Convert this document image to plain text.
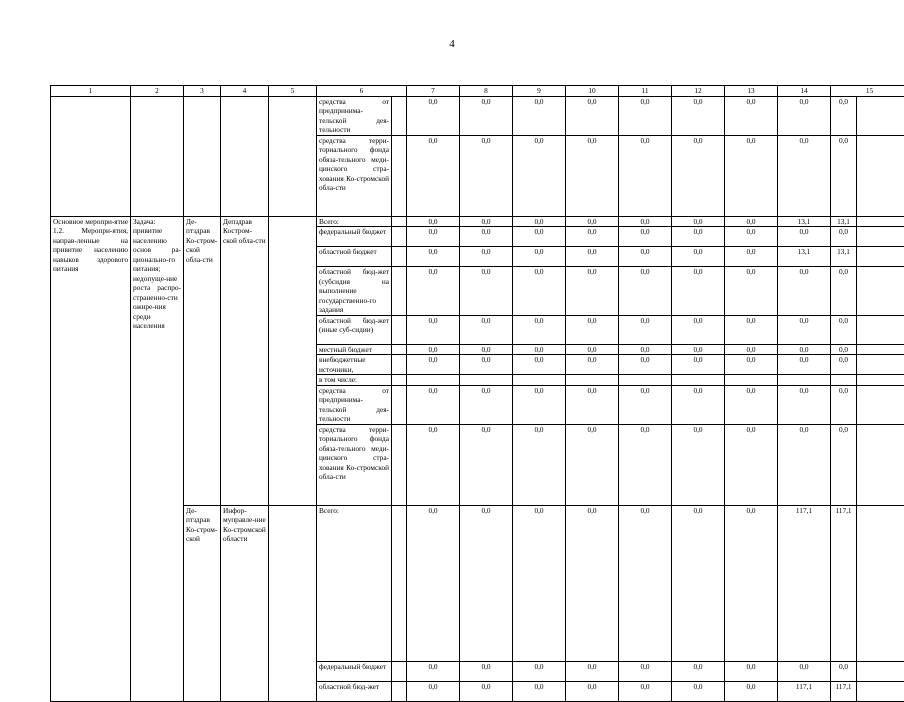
4
1	2	3	4	5	6		7	8	9	10	11	12	13	14	15	
					средства от предпринима-тельской дея-тельности		0,0	0,0	0,0	0,0	0,0	0,0	0,0	0,0	0,0		
					средства терри-ториального фонда обяза-тельного меди-цинского стра-хования Ко-стромской обла-сти		0,0	0,0	0,0	0,0	0,0	0,0	0,0	0,0	0,0		
Основное меропри-ятие 1.2. Меропри-ятия, направ-ленные на привитие населению навыков здорового питания	Задача: привитие населению основ ра-ционально-го питания; недопуще-ние роста распро-страненно-сти ожире-ния среди населения	Де-птздрав Ко-стром-ской обла-сти	Депздрав Костром-ской обла-сти		Всего:		0,0	0,0	0,0	0,0	0,0	0,0	0,0	13,1	13,1		
					федеральный бюджет		0,0	0,0	0,0	0,0	0,0	0,0	0,0	0,0	0,0		
					областной бюджет		0,0	0,0	0,0	0,0	0,0	0,0	0,0	13,1	13,1		
					областной бюд-жет (субсидия на выполнение государственно-го задания		0,0	0,0	0,0	0,0	0,0	0,0	0,0	0,0	0,0		
					областной бюд-жет (иные суб-сидии)		0,0	0,0	0,0	0,0	0,0	0,0	0,0	0,0	0,0		
					местный бюджет		0,0	0,0	0,0	0,0	0,0	0,0	0,0	0,0	0,0		
					внебюджетные источники,		0,0	0,0	0,0	0,0	0,0	0,0	0,0	0,0	0,0		
					в том числе:												
					средства от предпринима-тельской дея-тельности		0,0	0,0	0,0	0,0	0,0	0,0	0,0	0,0	0,0		
					средства терри-ториального фонда обяза-тельного меди-цинского стра-хования Ко-стромской обла-сти		0,0	0,0	0,0	0,0	0,0	0,0	0,0	0,0	0,0		
		Де-птздрав Ко-стром-ской	Инфор-муправле-ние Ко-стромской области		Всего:		0,0	0,0	0,0	0,0	0,0	0,0	0,0	117,1	117,1		
					федеральный бюджет		0,0	0,0	0,0	0,0	0,0	0,0	0,0	0,0	0,0		
					областной бюд-жет		0,0	0,0	0,0	0,0	0,0	0,0	0,0	117,1	117,1		
